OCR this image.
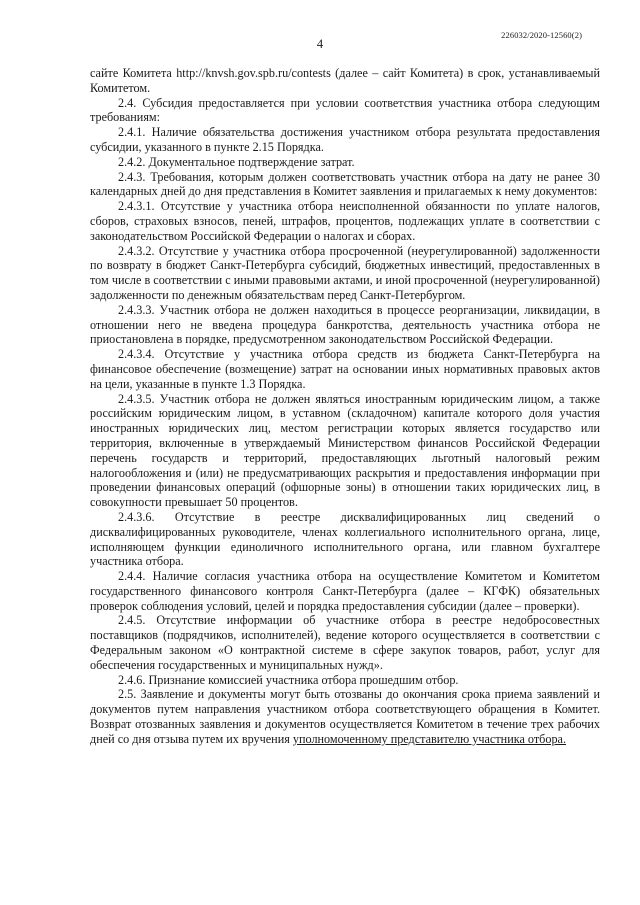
226032/2020-12560(2)
4

сайте Комитета http://knvsh.gov.spb.ru/contests (далее – сайт Комитета) в срок, устанавливаемый Комитетом.

2.4. Субсидия предоставляется при условии соответствия участника отбора следующим требованиям:

2.4.1. Наличие обязательства достижения участником отбора результата предоставления субсидии, указанного в пункте 2.15 Порядка.

2.4.2. Документальное подтверждение затрат.

2.4.3. Требования, которым должен соответствовать участник отбора на дату не ранее 30 календарных дней до дня представления в Комитет заявления и прилагаемых к нему документов:

2.4.3.1. Отсутствие у участника отбора неисполненной обязанности по уплате налогов, сборов, страховых взносов, пеней, штрафов, процентов, подлежащих уплате в соответствии с законодательством Российской Федерации о налогах и сборах.

2.4.3.2. Отсутствие у участника отбора просроченной (неурегулированной) задолженности по возврату в бюджет Санкт-Петербурга субсидий, бюджетных инвестиций, предоставленных в том числе в соответствии с иными правовыми актами, и иной просроченной (неурегулированной) задолженности по денежным обязательствам перед Санкт-Петербургом.

2.4.3.3. Участник отбора не должен находиться в процессе реорганизации, ликвидации, в отношении него не введена процедура банкротства, деятельность участника отбора не приостановлена в порядке, предусмотренном законодательством Российской Федерации.

2.4.3.4. Отсутствие у участника отбора средств из бюджета Санкт-Петербурга на финансовое обеспечение (возмещение) затрат на основании иных нормативных правовых актов на цели, указанные в пункте 1.3 Порядка.

2.4.3.5. Участник отбора не должен являться иностранным юридическим лицом, а также российским юридическим лицом, в уставном (складочном) капитале которого доля участия иностранных юридических лиц, местом регистрации которых является государство или территория, включенные в утверждаемый Министерством финансов Российской Федерации перечень государств и территорий, предоставляющих льготный налоговый режим налогообложения и (или) не предусматривающих раскрытия и предоставления информации при проведении финансовых операций (офшорные зоны) в отношении таких юридических лиц, в совокупности превышает 50 процентов.

2.4.3.6. Отсутствие в реестре дисквалифицированных лиц сведений о дисквалифицированных руководителе, членах коллегиального исполнительного органа, лице, исполняющем функции единоличного исполнительного органа, или главном бухгалтере участника отбора.

2.4.4. Наличие согласия участника отбора на осуществление Комитетом и Комитетом государственного финансового контроля Санкт-Петербурга (далее – КГФК) обязательных проверок соблюдения условий, целей и порядка предоставления субсидии (далее – проверки).

2.4.5. Отсутствие информации об участнике отбора в реестре недобросовестных поставщиков (подрядчиков, исполнителей), ведение которого осуществляется в соответствии с Федеральным законом «О контрактной системе в сфере закупок товаров, работ, услуг для обеспечения государственных и муниципальных нужд».

2.4.6. Признание комиссией участника отбора прошедшим отбор.

2.5. Заявление и документы могут быть отозваны до окончания срока приема заявлений и документов путем направления участником отбора соответствующего обращения в Комитет. Возврат отозванных заявления и документов осуществляется Комитетом в течение трех рабочих дней со дня отзыва путем их вручения уполномоченному представителю участника отбора.
